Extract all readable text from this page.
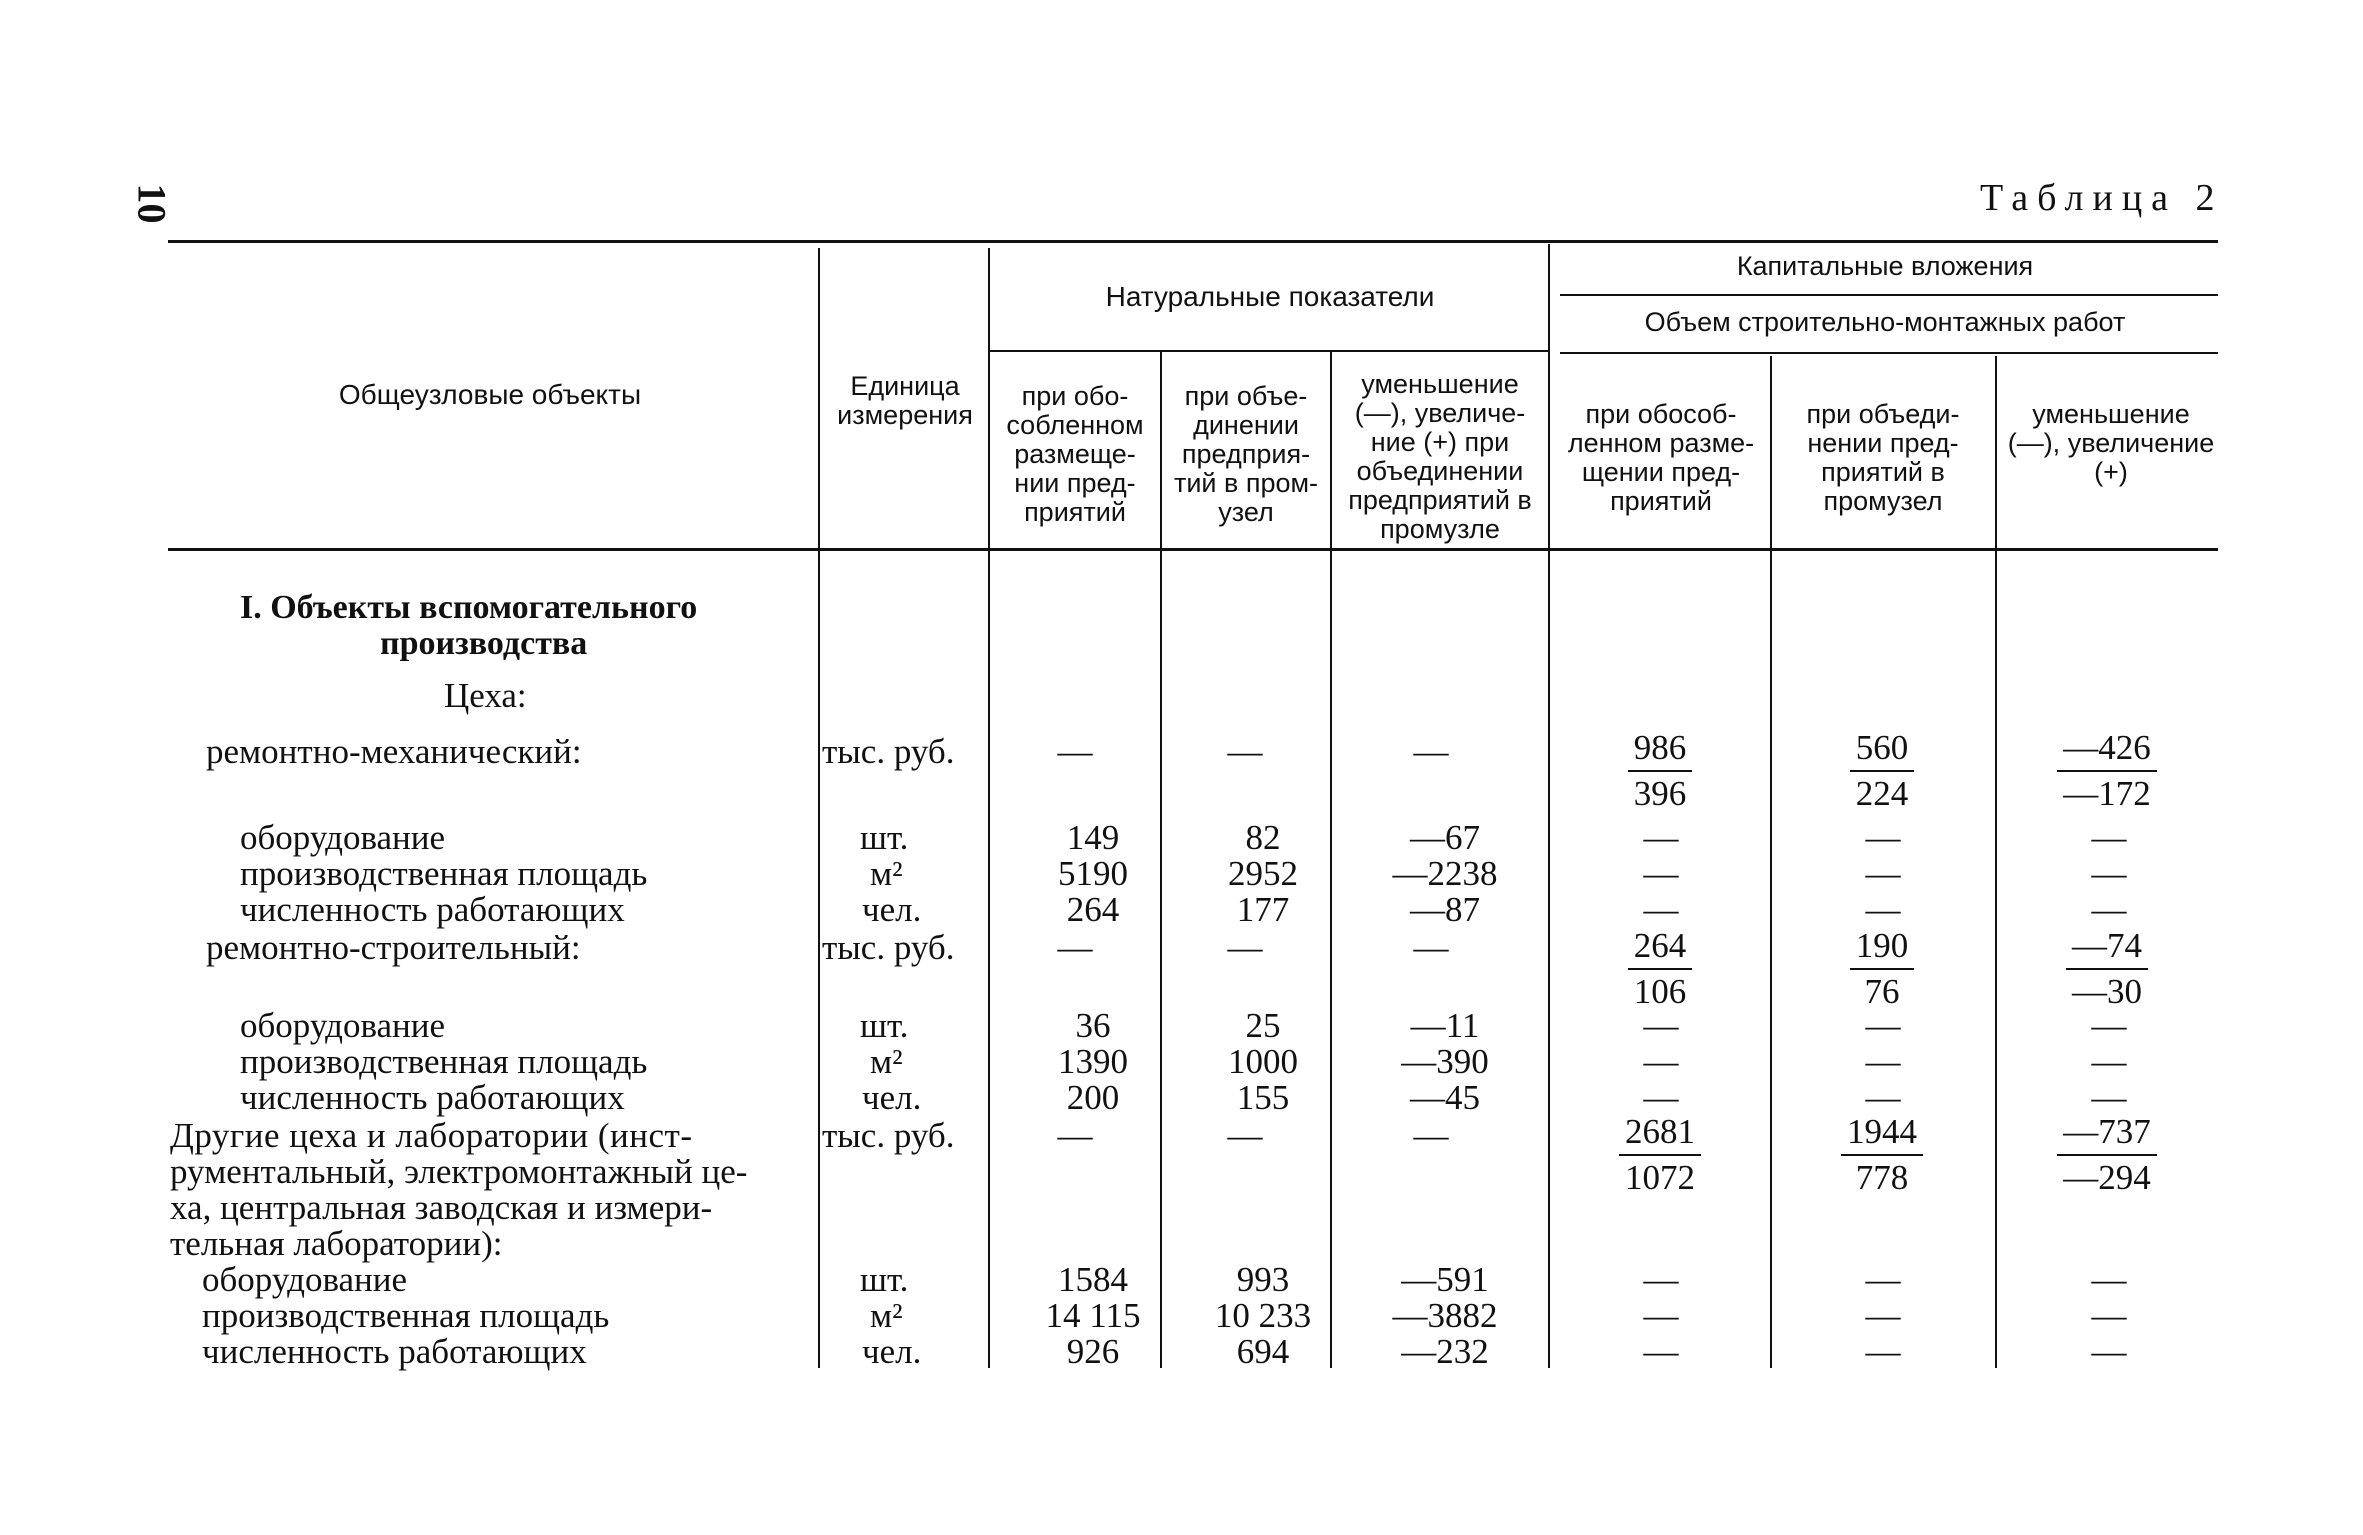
10	Таблица 2
Общеузловые объекты	Единица измерения
Натуральные показатели
Капитальные вложения
Объем строительно-монтажных работ
при обо-собленном размеще-нии пред-приятий
при объе-динении предприя-тий в пром-узел
уменьшение (—), увеличе-ние (+) при объединении предприятий в промузле
при обособ-ленном разме-щении пред-приятий
при объеди-нении пред-приятий в промузел
уменьшение (—), увеличение (+)
I. Объекты вспомогательного
производства
Цеха:
ремонтно-механический:	тыс. руб.	—	—	—	$\frac{986}{396} \frac{560}{224} \frac{—426}{—172}$
оборудование	шт.	149	82	—67	—	—	—
производственная площадь	м²	5190	2952	—2238	—	—	—
численность работающих	чел.	264	177	—87	—	—	—
ремонтно-строительный:	тыс. руб.	—	—	—	$\frac{264}{106} \frac{190}{76} \frac{—74}{—30}$
оборудование	шт.	36	25	—11	—	—	—
производственная площадь	м²	1390	1000	—390	—	—	—
численность работающих	чел.	200	155	—45	—	—	—
Другие цеха и лаборатории (инст-
рументальный, электромонтажный це-
ха, центральная заводская и измери-
тельная лаборатории):
тыс. руб.	—	—	—	$\frac{2681}{1072} \frac{1944}{778} \frac{—737}{—294}$
оборудование	шт.	1584	993	—591	—	—	—
производственная площадь	м²	14 115	10 233	—3882	—	—	—
численность работающих	чел.	926	694	—232	—	—	—
